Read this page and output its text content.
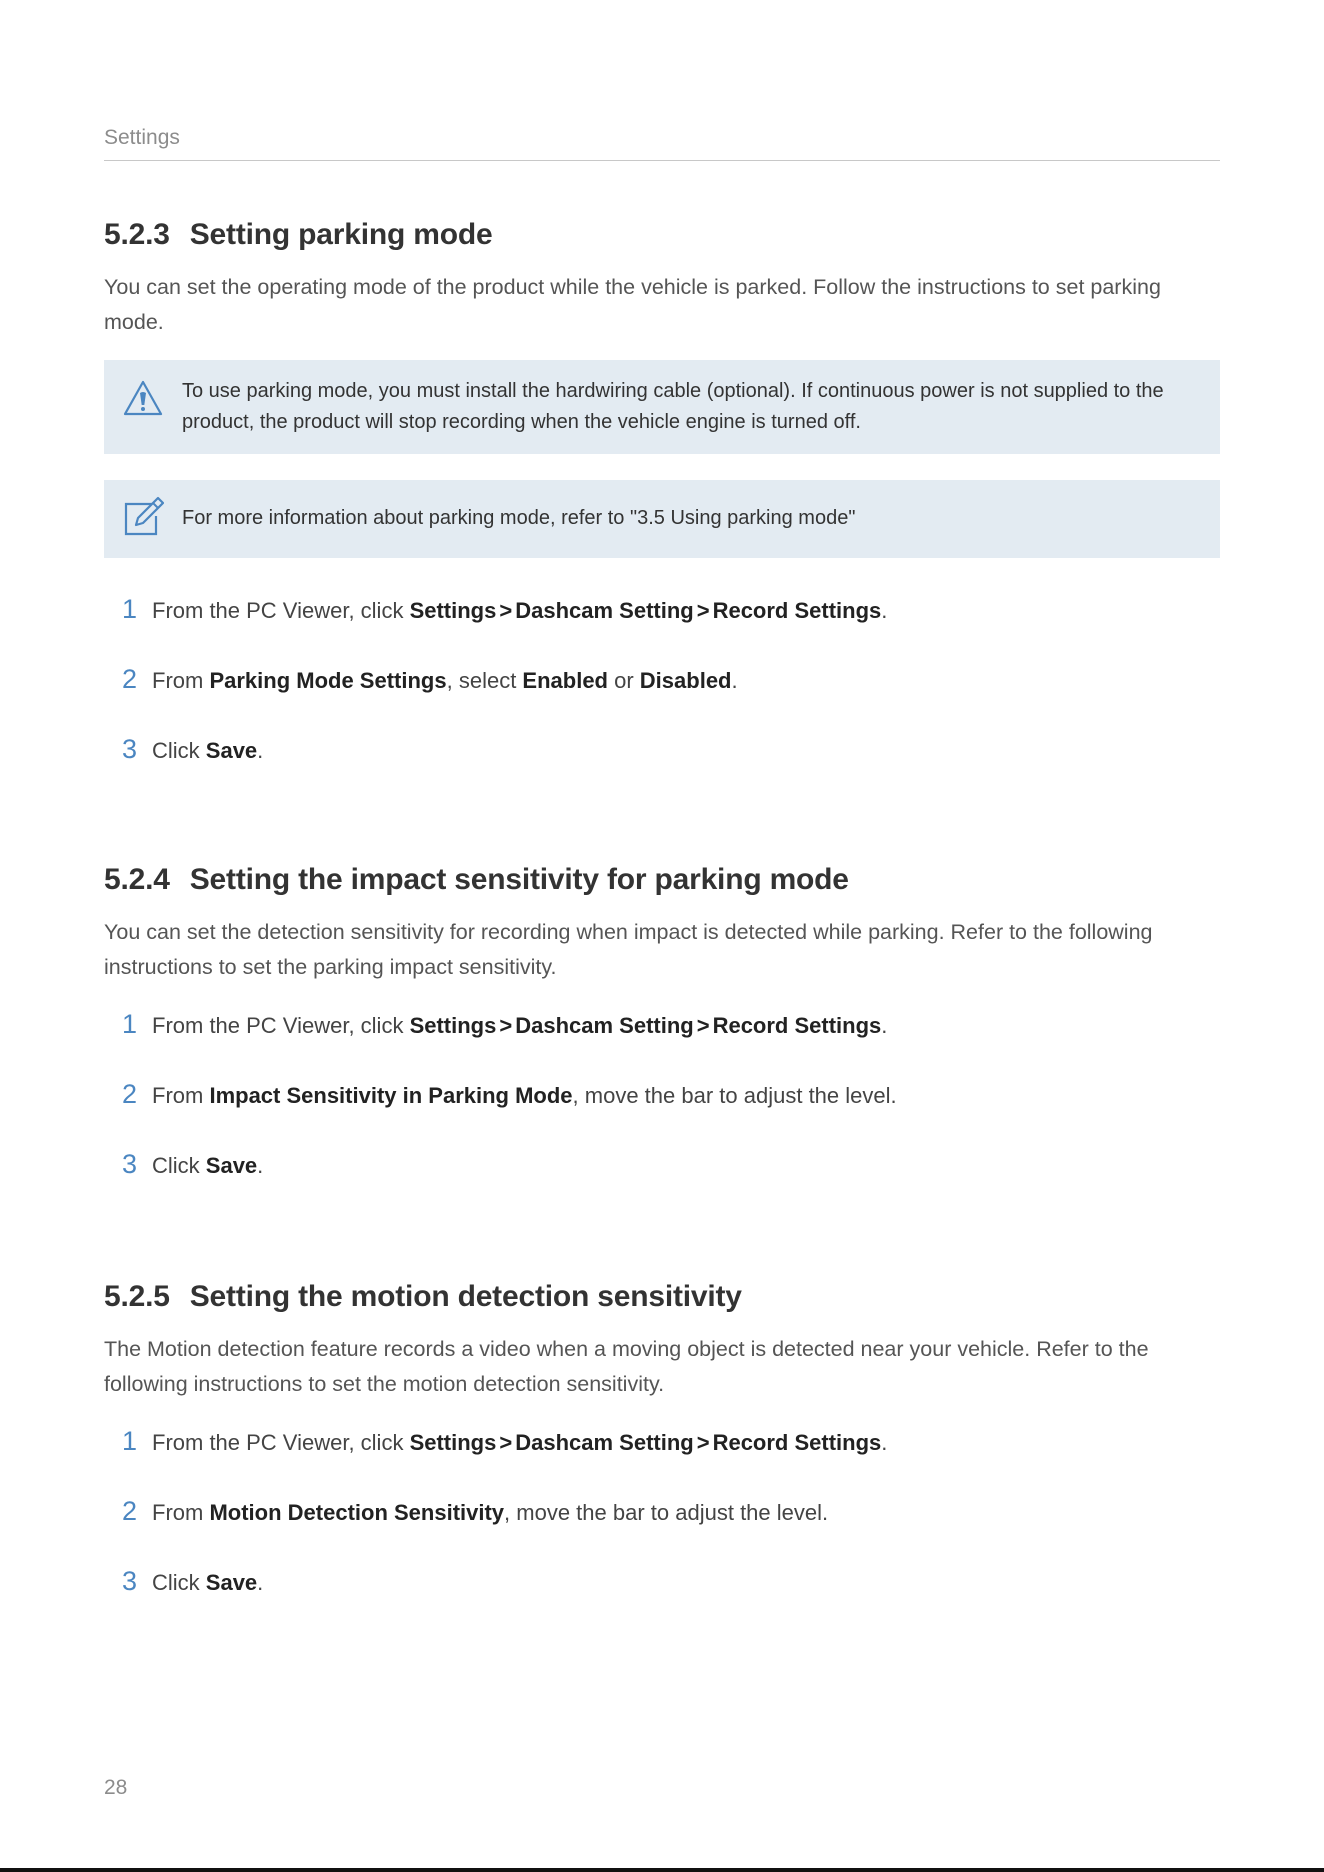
Settings
5.2.3 Setting parking mode

You can set the operating mode of the product while the vehicle is parked. Follow the instructions to set parking mode.

To use parking mode, you must install the hardwiring cable (optional). If continuous power is not supplied to the product, the product will stop recording when the vehicle engine is turned off.
For more information about parking mode, refer to "3.5 Using parking mode"
1 From the PC Viewer, click Settings > Dashcam Setting > Record Settings.
2 From Parking Mode Settings, select Enabled or Disabled.
3 Click Save.
5.2.4 Setting the impact sensitivity for parking mode

You can set the detection sensitivity for recording when impact is detected while parking. Refer to the following instructions to set the parking impact sensitivity.

1 From the PC Viewer, click Settings > Dashcam Setting > Record Settings.
2 From Impact Sensitivity in Parking Mode, move the bar to adjust the level.
3 Click Save.
5.2.5 Setting the motion detection sensitivity

The Motion detection feature records a video when a moving object is detected near your vehicle. Refer to the following instructions to set the motion detection sensitivity.

1 From the PC Viewer, click Settings > Dashcam Setting > Record Settings.
2 From Motion Detection Sensitivity, move the bar to adjust the level.
3 Click Save.
28
